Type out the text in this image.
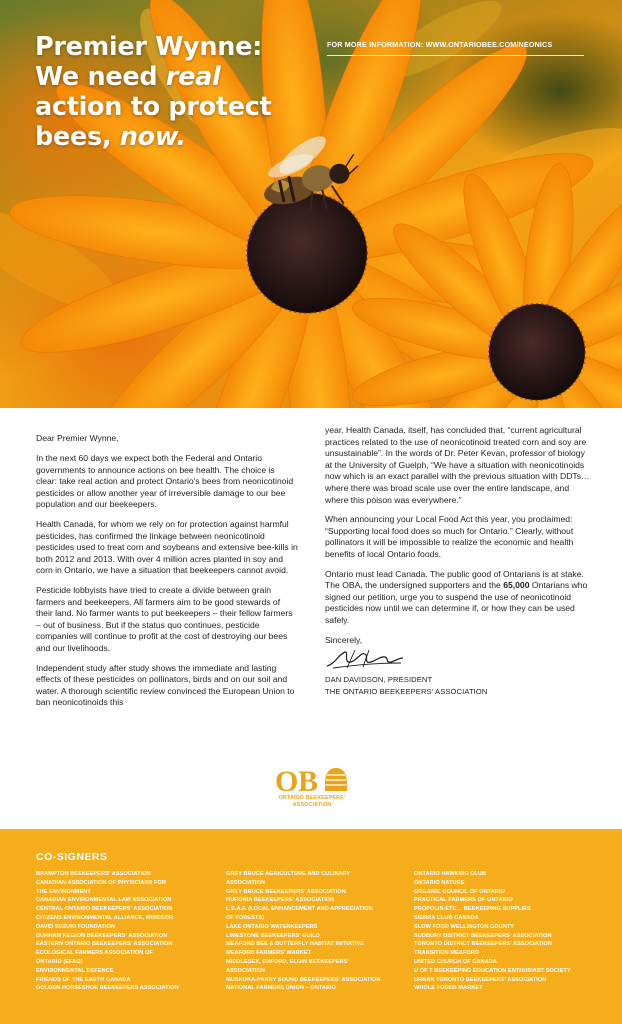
Premier Wynne:
We need real
action to protect
bees, now.
FOR MORE INFORMATION: WWW.ONTARIOBEE.COM/NEONICS
Dear Premier Wynne,

In the next 60 days we expect both the Federal and Ontario governments to announce actions on bee health. The choice is clear: take real action and protect Ontario's bees from neonicotinoid pesticides or allow another year of irreversible damage to our bee population and our beekeepers.

Health Canada, for whom we rely on for protection against harmful pesticides, has confirmed the linkage between neonicotinoid pesticides used to treat corn and soybeans and extensive bee-kills in both 2012 and 2013. With over 4 million acres planted in soy and corn in Ontario, we have a situation that beekeepers cannot avoid.

Pesticide lobbyists have tried to create a divide between grain farmers and beekeepers. All farmers aim to be good stewards of their land. No farmer wants to put beekeepers – their fellow farmers – out of business. But if the status quo continues, pesticide companies will continue to profit at the cost of destroying our bees and our livelihoods.

Independent study after study shows the immediate and lasting effects of these pesticides on pollinators, birds and on our soil and water. A thorough scientific review convinced the European Union to ban neonicotinoids this

year. Health Canada, itself, has concluded that, “current agricultural practices related to the use of neonicotinoid treated corn and soy are unsustainable”. In the words of Dr. Peter Kevan, professor of biology at the University of Guelph, “We have a situation with neonicotinoids now which is an exact parallel with the previous situation with DDTs… where there was broad scale use over the entire landscape, and where this poison was everywhere.”

When announcing your Local Food Act this year, you proclaimed: “Supporting local food does so much for Ontario.” Clearly, without pollinators it will be impossible to realize the economic and health benefits of local Ontario foods.

Ontario must lead Canada. The public good of Ontarians is at stake. The OBA, the undersigned supporters and the 65,000 Ontarians who signed our petition, urge you to suspend the use of neonicotinoid pesticides now until we can determine if, or how they can be used safely.

Sincerely,

DAN DAVIDSON, PRESIDENT
THE ONTARIO BEEKEEPERS' ASSOCIATION
O B
ONTARIO BEEKEEPERS'
ASSOCIATION
CO-SIGNERS
BRAMPTON BEEKEEPERS' ASSOCIATION
CANADIAN ASSOCIATION OF PHYSICIANS FOR
THE ENVIRONMENT
CANADIAN ENVIRONMENTAL LAW ASSOCIATION
CENTRAL ONTARIO BEEKEEPERS' ASSOCIATION
CITIZENS ENVIRONMENTAL ALLIANCE, WINDSOR
DAVID SUZUKI FOUNDATION
DURHAM REGION BEEKEEPERS' ASSOCIATION
EASTERN ONTARIO BEEKEEPERS' ASSOCIATION
ECOLOGICAL FARMERS ASSOCIATION OF
ONTARIO (EFAO)
ENVIRONMENTAL DEFENCE
FRIENDS OF THE EARTH CANADA
GOLDEN HORSESHOE BEEKEEPERS ASSOCIATION
GREY BRUCE AGRICULTURE AND CULINARY
ASSOCIATION
GREY BRUCE BEEKEEPERS' ASSOCIATION
HURONIA BEEKEEPERS' ASSOCIATION
L.E.A.F. (LOCAL ENHANCEMENT AND APPRECIATION
OF FORESTS)
LAKE ONTARIO WATERKEEPERS
LIMESTONE BEEKEEPERS' GUILD
MEAFORD BEE & BUTTERFLY HABITAT INITIATIVE
MEAFORD FARMERS' MARKET
MIDDLESEX, OXFORD, ELGIN BEEKEEPERS'
ASSOCIATION
MUSKOKA-PARRY SOUND BEEKEEPERS' ASSOCIATION
NATIONAL FARMERS UNION – ONTARIO
ONTARIO HAWKING CLUB
ONTARIO NATURE
ORGANIC COUNCIL OF ONTARIO
PRACTICAL FARMERS OF ONTARIO
PROPOLIS-ETC… BEEKEEPING SUPPLIES
SIERRA CLUB CANADA
SLOW FOOD WELLINGTON COUNTY
SUDBURY DISTRICT BEEKEEPERS' ASSOCIATION
TORONTO DISTRICT BEEKEEPERS' ASSOCIATION
TRANSITION MEAFORD
UNITED CHURCH OF CANADA
U OF T BEEKEEPING EDUCATION ENTHUSIAST SOCIETY
URBAN TORONTO BEEKEEPERS' ASSOCIATION
WHOLE FOODS MARKET
